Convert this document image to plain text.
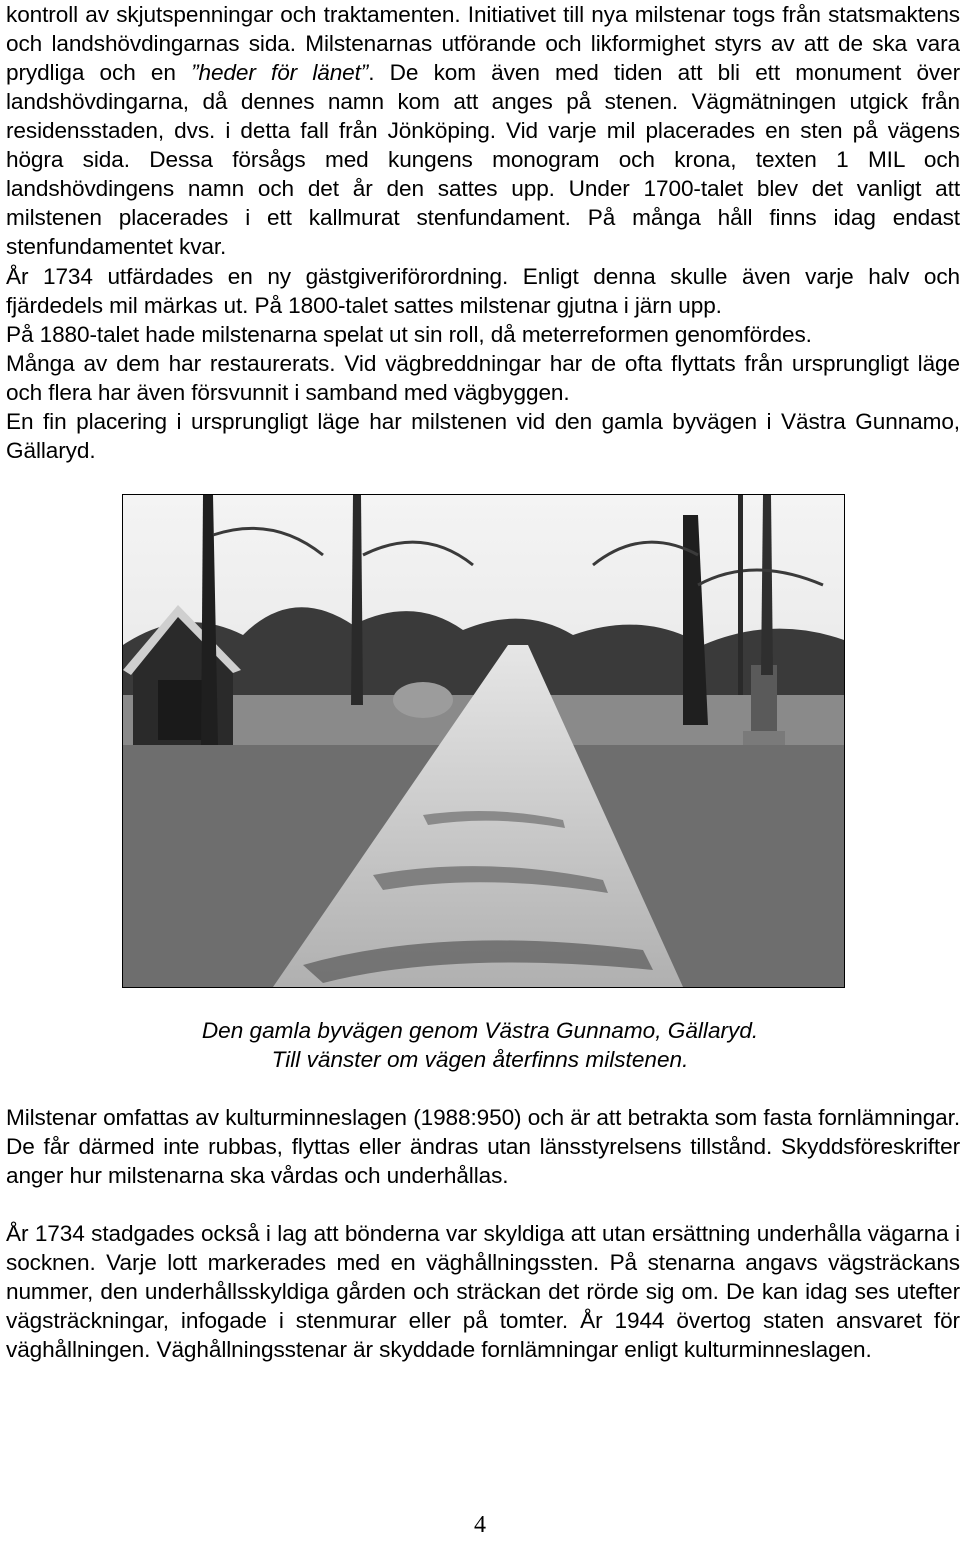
kontroll av skjutspenningar och traktamenten. Initiativet till nya milstenar togs från statsmaktens och landshövdingarnas sida. Milstenarnas utförande och likformighet styrs av att de ska vara prydliga och en ”heder för länet”. De kom även med tiden att bli ett monument över landshövdingarna, då dennes namn kom att anges på stenen. Vägmätningen utgick från residensstaden, dvs. i detta fall från Jönköping. Vid varje mil placerades en sten på vägens högra sida. Dessa försågs med kungens monogram och krona, texten 1 MIL och landshövdingens namn och det år den sattes upp. Under 1700-talet blev det vanligt att milstenen placerades i ett kallmurat stenfundament. På många håll finns idag endast stenfundamentet kvar.

År 1734 utfärdades en ny gästgiveriförordning. Enligt denna skulle även varje halv och fjärdedels mil märkas ut. På 1800-talet sattes milstenar gjutna i järn upp.

På 1880-talet hade milstenarna spelat ut sin roll, då meterreformen genomfördes.

Många av dem har restaurerats. Vid vägbreddningar har de ofta flyttats från ursprungligt läge och flera har även försvunnit i samband med vägbyggen.

En fin placering i ursprungligt läge har milstenen vid den gamla byvägen i Västra Gunnamo, Gällaryd.

Den gamla byvägen genom Västra Gunnamo, Gällaryd.

Till vänster om vägen återfinns milstenen.

Milstenar omfattas av kulturminneslagen (1988:950) och är att betrakta som fasta fornlämningar. De får därmed inte rubbas, flyttas eller ändras utan länsstyrelsens tillstånd. Skyddsföreskrifter anger hur milstenarna ska vårdas och underhållas.

År 1734 stadgades också i lag att bönderna var skyldiga att utan ersättning underhålla vägarna i socknen. Varje lott markerades med en väghållningssten. På stenarna angavs vägsträckans nummer, den underhållsskyldiga gården och sträckan det rörde sig om. De kan idag ses utefter vägsträckningar, infogade i stenmurar eller på tomter. År 1944 övertog staten ansvaret för väghållningen. Väghållningsstenar är skyddade fornlämningar enligt kulturminneslagen.

4
